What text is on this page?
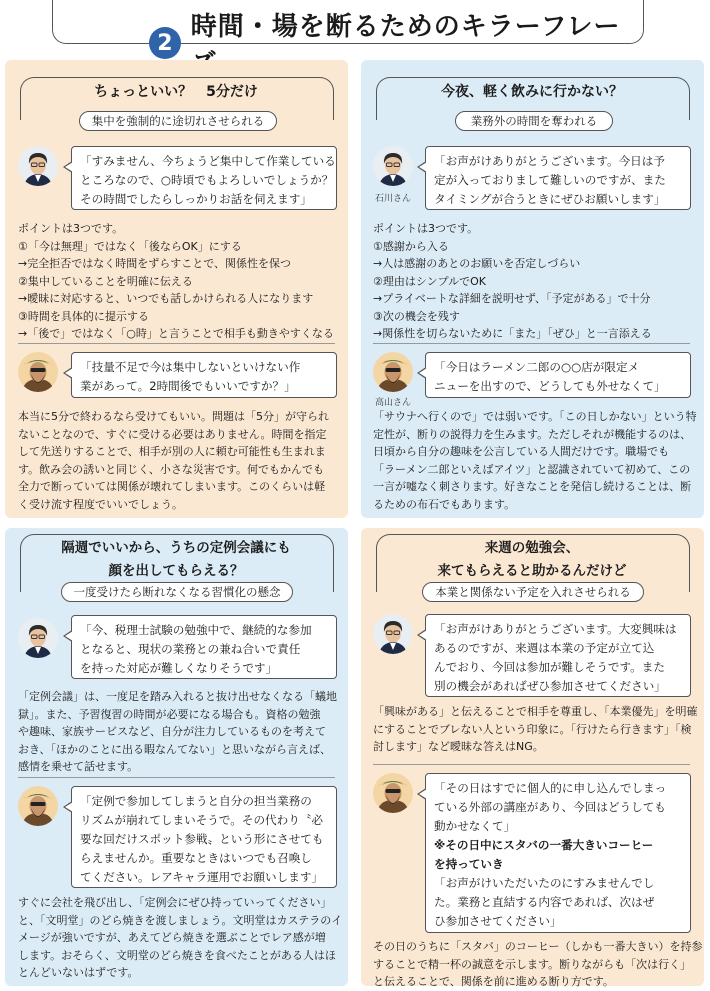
2
時間・場を断るためのキラーフレー
ちょっといい？　5分だけ
集中を強制的に途切れさせられる
「すみません、今ちょうど集中して作業している
ところなので、○時頃でもよろしいでしょうか？
その時間でしたらしっかりお話を伺えます」
ポイントは3つです。
①「今は無理」ではなく「後ならOK」にする
→完全拒否ではなく時間をずらすことで、関係性を保つ
②集中していることを明確に伝える
→曖昧に対応すると、いつでも話しかけられる人になります
③時間を具体的に提示する
→「後で」ではなく「○時」と言うことで相手も動きやすくなる
「技量不足で今は集中しないといけない作
業があって。2時間後でもいいですか？」
本当に5分で終わるなら受けてもいい。問題は「5分」が守られ
ないことなので、すぐに受ける必要はありません。時間を指定
して先送りすることで、相手が別の人に頼む可能性も生まれま
す。飲み会の誘いと同じく、小さな災害です。何でもかんでも
全力で断っていては関係が壊れてしまいます。このくらいは軽
く受け流す程度でいいでしょう。
今夜、軽く飲みに行かない？
業務外の時間を奪われる
石川さん
「お声がけありがとうございます。今日は予
定が入っておりまして難しいのですが、また
タイミングが合うときにぜひお願いします」
ポイントは3つです。
①感謝から入る
→人は感謝のあとのお願いを否定しづらい
②理由はシンプルでOK
→プライベートな詳細を説明せず、「予定がある」で十分
③次の機会を残す
→関係性を切らないために「また」「ぜひ」と一言添える
高山さん
「今日はラーメン二郎の○○店が限定メ
ニューを出すので、どうしても外せなくて」
「サウナへ行くので」では弱いです。「この日しかない」という特
定性が、断りの説得力を生みます。ただしそれが機能するのは、
日頃から自分の趣味を公言している人間だけです。職場でも
「ラーメン二郎といえばアイツ」と認識されていて初めて、この
一言が嘘なく刺さります。好きなことを発信し続けることは、断
るための布石でもあります。
隔週でいいから、うちの定例会議にも
顔を出してもらえる？
一度受けたら断れなくなる習慣化の懸念
「今、税理士試験の勉強中で、継続的な参加
となると、現状の業務との兼ね合いで責任
を持った対応が難しくなりそうです」
「定例会議」は、一度足を踏み入れると抜け出せなくなる「蟻地
獄」。また、予習復習の時間が必要になる場合も。資格の勉強
や趣味、家族サービスなど、自分が注力しているものを考えて
おき、「ほかのことに出る暇なんてない」と思いながら言えば、
感情を乗せて話せます。
「定例で参加してしまうと自分の担当業務の
リズムが崩れてしまいそうで。その代わり〝必
要な回だけスポット参戦〟という形にさせても
らえませんか。重要なときはいつでも召喚し
てください。レアキャラ運用でお願いします」
すぐに会社を飛び出し、「定例会にぜひ持っていってください」
と、「文明堂」のどら焼きを渡しましょう。文明堂はカステラのイ
メージが強いですが、あえてどら焼きを選ぶことでレア感が増
します。おそらく、文明堂のどら焼きを食べたことがある人はほ
とんどいないはずです。
来週の勉強会、
来てもらえると助かるんだけど
本業と関係ない予定を入れさせられる
「お声がけありがとうございます。大変興味は
あるのですが、来週は本業の予定が立て込
んでおり、今回は参加が難しそうです。また
別の機会があればぜひ参加させてください」
「興味がある」と伝えることで相手を尊重し、「本業優先」を明確
にすることでブレない人という印象に。「行けたら行きます」「検
討します」など曖昧な答えはNG。
「その日はすでに個人的に申し込んでしまっ
ている外部の講座があり、今回はどうしても
動かせなくて」
※その日中にスタバの一番大きいコーヒー
を持っていき
「お声がけいただいたのにすみませんでし
た。業務と直結する内容であれば、次はぜ
ひ参加させてください」
その日のうちに「スタバ」のコーヒー（しかも一番大きい）を持参
することで精一杯の誠意を示します。断りながらも「次は行く」
と伝えることで、関係を前に進める断り方です。
